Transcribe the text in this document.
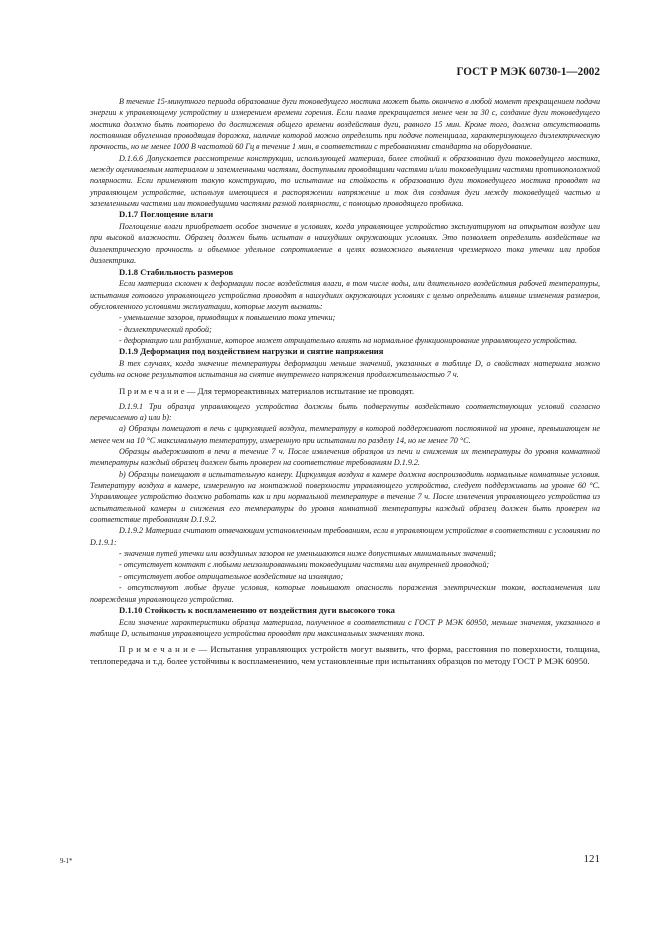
ГОСТ Р МЭК 60730-1—2002

В течение 15-минутного периода образование дуги токоведущего мостика может быть окончено в любой момент прекращением подачи энергии к управляющему устройству и измерением времени горения. Если пламя прекращается менее чем за 30 с, создание дуги токоведущего мостика должно быть повторено до достижения общего времени воздействия дуги, равного 15 мин. Кроме того, должна отсутствовать постоянная обугленная проводящая дорожка, наличие которой можно определить при подаче потенциала, характеризующего диэлектрическую прочность, но не менее 1000 В частотой 60 Гц в течение 1 мин, в соответствии с требованиями стандарта на оборудование.

D.1.6.6 Допускается рассмотрение конструкции, использующей материал, более стойкий к образованию дуги токоведущего мостика, между оцениваемым материалом и заземленными частями, доступными проводящими частями и/или токоведущими частями противоположной полярности. Если применяют такую конструкцию, то испытание на стойкость к образованию дуги токоведущего мостика проводят на управляющем устройстве, используя имеющиеся в распоряжении напряжение и ток для создания дуги между токоведущей частью и заземленными частями или токоведущими частями разной полярности, с помощью проводящего пробника.

D.1.7 Поглощение влаги

Поглощение влаги приобретает особое значение в условиях, когда управляющее устройство эксплуатируют на открытом воздухе или при высокой влажности. Образец должен быть испытан в наихудших окружающих условиях. Это позволяет определить воздействие на диэлектрическую прочность и объемное удельное сопротивление в целях возможного выявления чрезмерного тока утечки или пробоя диэлектрика.

D.1.8 Стабильность размеров

Если материал склонен к деформации после воздействия влаги, в том числе воды, или длительного воздействия рабочей температуры, испытания готового управляющего устройства проводят в наихудших окружающих условиях с целью определить влияние изменения размеров, обусловленного условиями эксплуатации, которые могут вызвать:

- уменьшение зазоров, приводящих к повышению тока утечки;

- диэлектрический пробой;

- деформацию или разбухание, которое может отрицательно влиять на нормальное функционирование управляющего устройства.

D.1.9 Деформация под воздействием нагрузки и снятие напряжения

В тех случаях, когда значение температуры деформации меньше значений, указанных в таблице D, о свойствах материала можно судить на основе результатов испытания на снятие внутреннего напряжения продолжительностью 7 ч.

П р и м е ч а н и е — Для термореактивных материалов испытание не проводят.

D.1.9.1 Три образца управляющего устройства должны быть подвергнуты воздействию соответствующих условий согласно перечислению а) или b):

а) Образцы помещают в печь с циркуляцией воздуха, температуру в которой поддерживают постоянной на уровне, превышающем не менее чем на 10 °С максимальную температуру, измеренную при испытании по разделу 14, но не менее 70 °С.

Образцы выдерживают в печи в течение 7 ч. После извлечения образцов из печи и снижения их температуры до уровня комнатной температуры каждый образец должен быть проверен на соответствие требованиям D.1.9.2.

b) Образцы помещают в испытательную камеру. Циркуляция воздуха в камере должна воспроизводить нормальные комнатные условия. Температуру воздуха в камере, измеренную на монтажной поверхности управляющего устройства, следует поддерживать на уровне 60 °С. Управляющее устройство должно работать как и при нормальной температуре в течение 7 ч. После извлечения управляющего устройства из испытательной камеры и снижения его температуры до уровня комнатной температуры каждый образец должен быть проверен на соответствие требованиям D.1.9.2.

D.1.9.2 Материал считают отвечающим установленным требованиям, если в управляющем устройстве в соответствии с условиями по D.1.9.1:

- значения путей утечки или воздушных зазоров не уменьшаются ниже допустимых минимальных значений;

- отсутствует контакт с любыми неизолированными токоведущими частями или внутренней проводкой;

- отсутствует любое отрицательное воздействие на изоляцию;

- отсутствуют любые другие условия, которые повышают опасность поражения электрическим током, воспламенения или повреждения управляющего устройства.

D.1.10 Стойкость к воспламенению от воздействия дуги высокого тока

Если значение характеристики образца материала, полученное в соответствии с ГОСТ Р МЭК 60950, меньше значения, указанного в таблице D, испытания управляющего устройства проводят при максимальных значениях тока.

П р и м е ч а н и е — Испытания управляющих устройств могут выявить, что форма, расстояния по поверхности, толщина, теплопередача и т.д. более устойчивы к воспламенению, чем установленные при испытаниях образцов по методу ГОСТ Р МЭК 60950.

9-1*	121
